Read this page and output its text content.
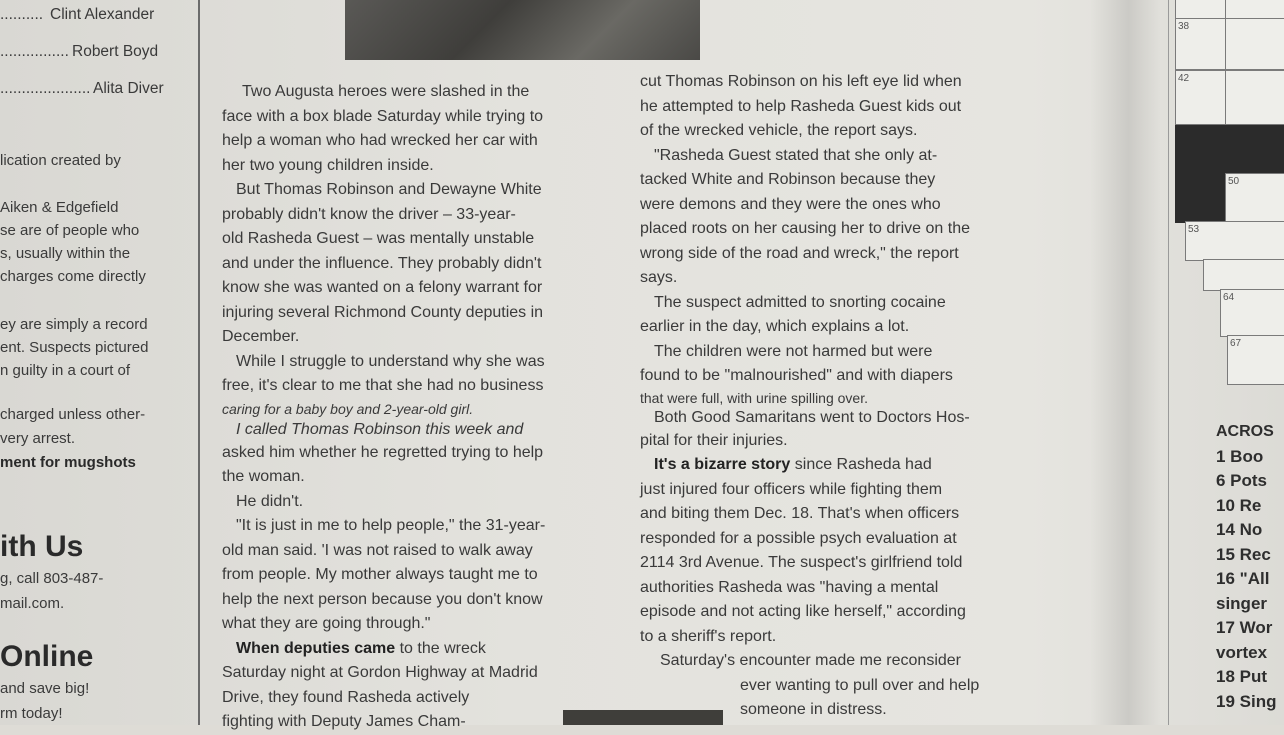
.......... Clint Alexander
................ Robert Boyd
..................... Alita Diver
lication created by
Aiken & Edgefield
se are of people who
s, usually within the
charges come directly
ey are simply a record
ent. Suspects pictured
n guilty in a court of
charged unless other-
very arrest.
ment for mugshots
ith Us
g, call 803-487-
mail.com.
Online
and save big!
rm today!
Two Augusta heroes were slashed in the
face with a box blade Saturday while trying to
help a woman who had wrecked her car with
her two young children inside.
But Thomas Robinson and Dewayne White
probably didn't know the driver – 33-year-
old Rasheda Guest – was mentally unstable
and under the influence. They probably didn't
know she was wanted on a felony warrant for
injuring several Richmond County deputies in
December.
While I struggle to understand why she was
free, it's clear to me that she had no business
caring for a baby boy and 2-year-old girl.
I called Thomas Robinson this week and
asked him whether he regretted trying to help
the woman.
He didn't.
"It is just in me to help people," the 31-year-
old man said. 'I was not raised to walk away
from people. My mother always taught me to
help the next person because you don't know
what they are going through."
When deputies came to the wreck
Saturday night at Gordon Highway at Madrid
Drive, they found Rasheda actively
fighting with Deputy James Cham-
cut Thomas Robinson on his left eye lid when
he attempted to help Rasheda Guest kids out
of the wrecked vehicle, the report says.
"Rasheda Guest stated that she only at-
tacked White and Robinson because they
were demons and they were the ones who
placed roots on her causing her to drive on the
wrong side of the road and wreck," the report
says.
The suspect admitted to snorting cocaine
earlier in the day, which explains a lot.
The children were not harmed but were
found to be "malnourished" and with diapers
that were full, with urine spilling over.
Both Good Samaritans went to Doctors Hos-
pital for their injuries.
It's a bizarre story since Rasheda had
just injured four officers while fighting them
and biting them Dec. 18. That's when officers
responded for a possible psych evaluation at
2114 3rd Avenue. The suspect's girlfriend told
authorities Rasheda was "having a mental
episode and not acting like herself," according
to a sheriff's report.
Saturday's encounter made me reconsider
ever wanting to pull over and help
someone in distress.
38
42
50
53
64
67
ACROS
1 Boo
6 Pots
10 Re
14 No
15 Rec
16 "All
singer
17 Wor
vortex
18 Put
19 Sing
